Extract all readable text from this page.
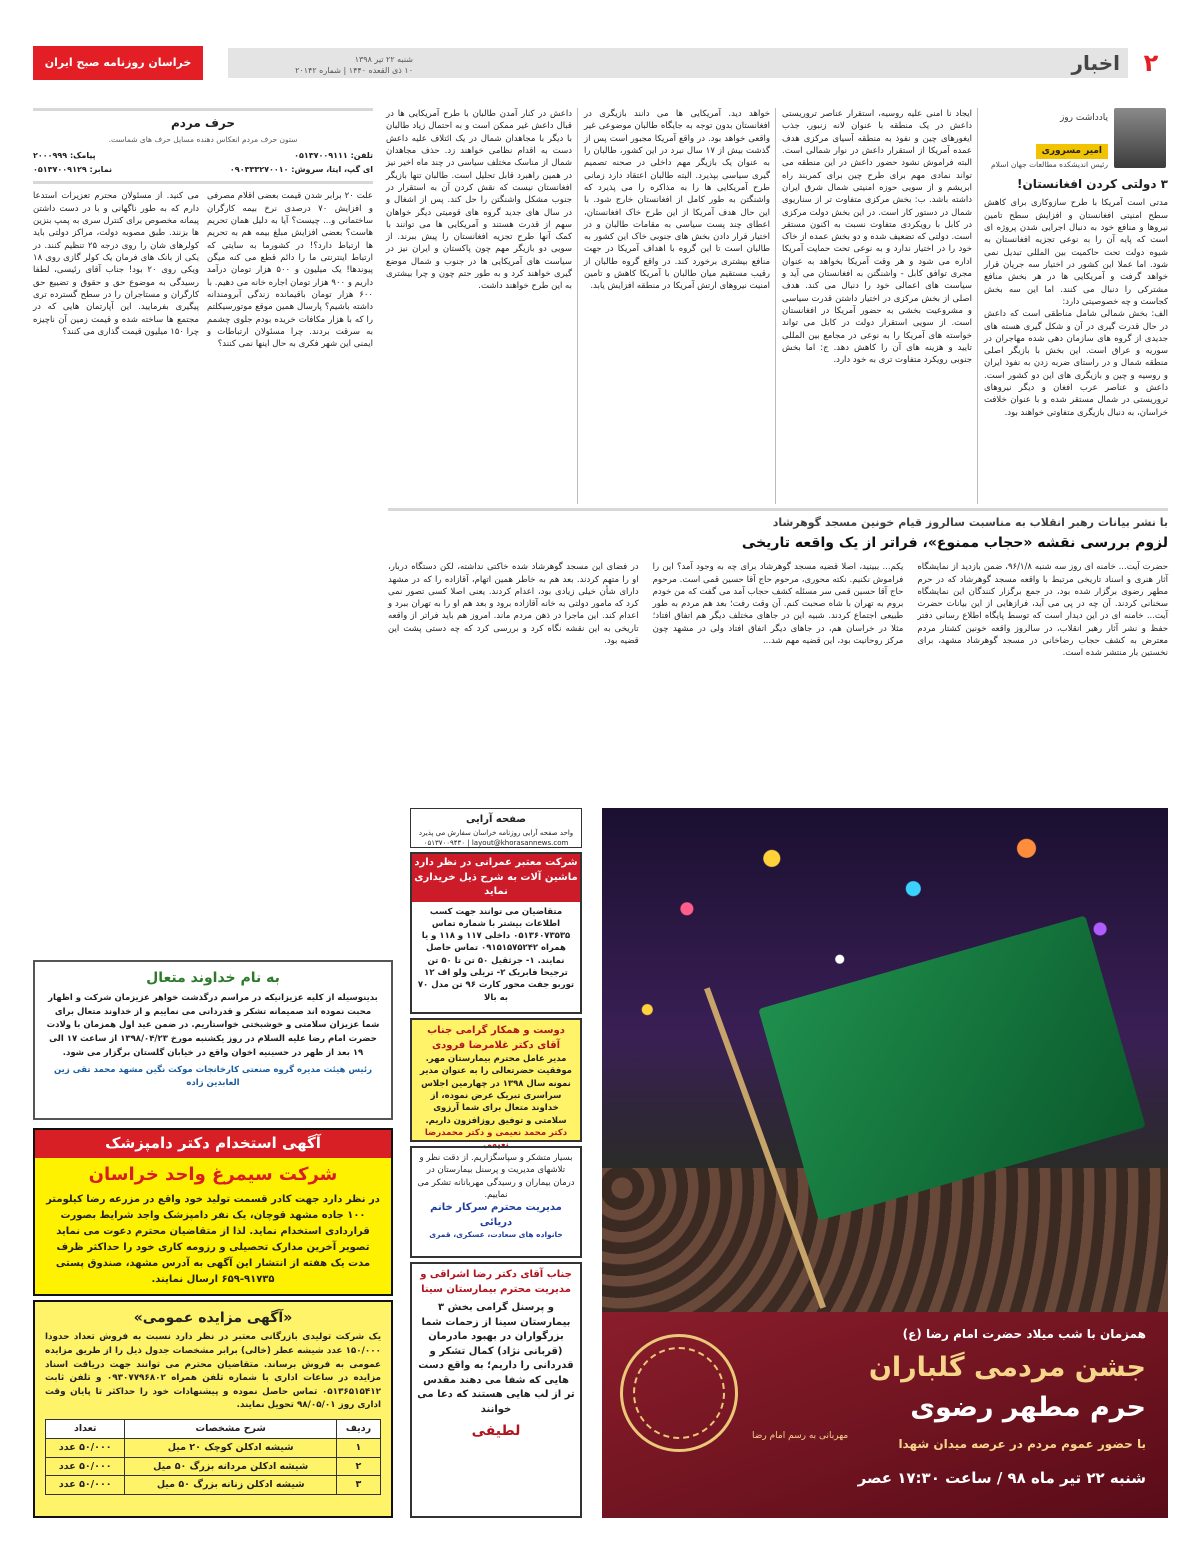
۲
اخبار
شنبه ۲۲ تیر ۱۳۹۸
۱۰ ذی القعده ۱۴۴۰ | شماره ۲۰۱۴۲
خراسان روزنامه صبح ایران
یادداشت روز
امیر مسروری
رئیس اندیشکده مطالعات جهان اسلام
۳ دولتی کردن افغانستان!

مدتی است آمریکا با طرح سازوکاری برای کاهش سطح امنیتی افغانستان و افزایش سطح تامین نیروها و منافع خود به دنبال اجرایی شدن پروژه ای است که پایه آن را به نوعی تجزیه افغانستان به شیوه دولت تحت حاکمیت بین المللی تبدیل نمی شود. اما عملا این کشور در اختیار سه جریان قرار خواهد گرفت و آمریکایی ها در هر بخش منافع مشترکی را دنبال می کنند. اما این سه بخش کجاست و چه خصوصیتی دارد:

الف: بخش شمالی شامل مناطقی است که داعش در حال قدرت گیری در آن و شکل گیری هسته های جدیدی از گروه های سازمان دهی شده مهاجران در سوریه و عراق است. این بخش با بازیگر اصلی منطقه شمال و در راستای ضربه زدن به نفوذ ایران و روسیه و چین و بازیگری های این دو کشور است. داعش و عناصر عرب افغان و دیگر نیروهای تروریستی در شمال مستقر شده و با عنوان خلافت خراسان، به دنبال بازیگری متفاوتی خواهند بود.

ایجاد نا امنی علیه روسیه، استقرار عناصر تروریستی داعش در یک منطقه با عنوان لانه زنبور، جذب ایغورهای چین و نفوذ به منطقه آسیای مرکزی هدف عمده آمریکا از استقرار داعش در نوار شمالی است. البته فراموش نشود حضور داعش در این منطقه می تواند نمادی مهم برای طرح چین برای کمربند راه ابریشم و از سویی حوزه امنیتی شمال شرق ایران داشته باشد. ب: بخش مرکزی متفاوت تر از سناریوی شمال در دستور کار است. در این بخش دولت مرکزی در کابل با رویکردی متفاوت نسبت به اکنون مستقر است. دولتی که تضعیف شده و دو بخش عمده از خاک خود را در اختیار ندارد و به نوعی تحت حمایت آمریکا اداره می شود و هر وقت آمریکا بخواهد به عنوان مجری توافق کابل - واشنگتن به افغانستان می آید و سیاست های اعمالی خود را دنبال می کند. هدف اصلی از بخش مرکزی در اختیار داشتن قدرت سیاسی و مشروعیت بخشی به حضور آمریکا در افغانستان است. از سویی استقرار دولت در کابل می تواند خواسته های آمریکا را به نوعی در مجامع بین المللی تایید و هزینه های آن را کاهش دهد. ج: اما بخش جنوبی رویکرد متفاوت تری به خود دارد.

خواهد دید. آمریکایی ها می دانند بازیگری در افغانستان بدون توجه به جایگاه طالبان موضوعی غیر واقعی خواهد بود. در واقع آمریکا مجبور است پس از گذشت بیش از ۱۷ سال نبرد در این کشور، طالبان را به عنوان یک بازیگر مهم داخلی در صحنه تصمیم گیری سیاسی بپذیرد. البته طالبان اعتقاد دارد زمانی طرح آمریکایی ها را به مذاکره را می پذیرد که واشنگتن به طور کامل از افغانستان خارج شود. با این حال هدف آمریکا از این طرح خاک افغانستان، اعطای چند پست سیاسی به مقامات طالبان و در اختیار قرار دادن بخش های جنوبی خاک این کشور به طالبان است تا این گروه با اهداف آمریکا در جهت منافع بیشتری برخورد کند. در واقع گروه طالبان از رقیب مستقیم میان طالبان با آمریکا کاهش و تامین امنیت نیروهای ارتش آمریکا در منطقه افزایش یابد.

داعش در کنار آمدن طالبان با طرح آمریکایی ها در قبال داعش غیر ممکن است و به احتمال زیاد طالبان با دیگر با مجاهدان شمال در یک ائتلاف علیه داعش دست به اقدام نظامی خواهند زد. حذف مجاهدان شمال از مناسک مختلف سیاسی در چند ماه اخیر نیز در همین راهبرد قابل تحلیل است. طالبان تنها بازیگر افغانستان نیست که نقش کردن آن به استقرار در جنوب مشکل واشنگتن را حل کند. پس از اشغال و در سال های جدید گروه های قومیتی دیگر خواهان سهم از قدرت هستند و آمریکایی ها می توانند با کمک آنها طرح تجزیه افغانستان را پیش ببرند. از سویی دو بازیگر مهم چون پاکستان و ایران نیز در سیاست های آمریکایی ها در جنوب و شمال موضع گیری خواهند کرد و به طور حتم چون و چرا بیشتری به این طرح خواهند داشت.

حرف مردم
ستون حرف مردم انعکاس دهنده مسایل حرف های شماست.
تلفن: ۰۵۱۳۷۰۰۹۱۱۱
پیامک: ۲۰۰۰۹۹۹
ای گپ، ایتا، سروش: ۰۹۰۳۳۳۲۷۰۰۱۰
نمابر: ۰۵۱۳۷۰۰۹۱۲۹
علت ۲۰ برابر شدن قیمت بعضی اقلام مصرفی و افزایش ۷۰ درصدی نرخ بیمه کارگران ساختمانی و... چیست؟ آیا به دلیل همان تحریم هاست؟ بعضی افزایش مبلغ بیمه هم به تحریم ها ارتباط دارد؟! در کشورما به سایتی که ارتباط اینترنتی ما را دائم قطع می کنه میگن پیوندها! یک میلیون و ۵۰۰ هزار تومان درآمد داریم و ۹۰۰ هزار تومان اجاره خانه می دهیم. با ۶۰۰ هزار تومان باقیمانده زندگی آبرومندانه داشته باشیم؟ پارسال همین موقع موتورسیکلتم را که با هزار مکافات خریده بودم جلوی چشمم به سرقت بردند. چرا مسئولان ارتباطات و ایمنی این شهر فکری به حال اینها نمی کنند؟
می کنید. از مسئولان محترم تعزیرات استدعا دارم که به طور ناگهانی و با در دست داشتن پیمانه مخصوص برای کنترل سری به پمپ بنزین ها بزنند. طبق مصوبه دولت، مراکز دولتی باید کولرهای شان را روی درجه ۲۵ تنظیم کنند. در یکی از بانک های فرمان یک کولر گازی روی ۱۸ ویکی روی ۲۰ بود! جناب آقای رئیسی، لطفا رسیدگی به موضوع حق و حقوق و تضییع حق کارگران و مستاجران را در سطح گسترده تری پیگیری بفرمایید. این آپارتمان هایی که در مجتمع ها ساخته شده و قیمت زمین آن ناچیزه چرا ۱۵۰ میلیون قیمت گذاری می کنند؟
با نشر بیانات رهبر انقلاب به مناسبت سالروز قیام خونین مسجد گوهرشاد
لزوم بررسی نقشه «حجاب ممنوع»، فراتر از یک واقعه تاریخی
حضرت آیت... خامنه ای روز سه شنبه ۹۶/۱/۸، ضمن بازدید از نمایشگاه آثار هنری و اسناد تاریخی مرتبط با واقعه مسجد گوهرشاد که در حرم مطهر رضوی برگزار شده بود، در جمع برگزار کنندگان این نمایشگاه سخنانی کردند. آن چه در پی می آید، فرازهایی از این بیانات حضرت آیت... خامنه ای در این دیدار است که توسط پایگاه اطلاع رسانی دفتر حفظ و نشر آثار رهبر انقلاب، در سالروز واقعه خونین کشتار مردم معترض به کشف حجاب رضاخانی در مسجد گوهرشاد مشهد، برای نخستین بار منتشر شده است.
یکم... ببینید، اصلا قضیه مسجد گوهرشاد برای چه به وجود آمد؟ این را فراموش نکنیم. نکته محوری، مرحوم حاج آقا حسین قمی است. مرحوم حاج آقا حسین قمی سر مسئله کشف حجاب آمد می گفت که من خودم بروم به تهران با شاه صحبت کنم. آن وقت رفت؛ بعد هم مردم به طور طبیعی اجتماع کردند. شبیه این در جاهای مختلف دیگر هم اتفاق افتاد؛ مثلا در خراسان هم، در جاهای دیگر اتفاق افتاد ولی در مشهد چون مرکز روحانیت بود، این قضیه مهم شد...
در فضای این مسجد گوهرشاد شده خاکتی نداشته، لکن دستگاه دربار، او را متهم کردند. بعد هم به خاطر همین اتهام، آقازاده را که در مشهد دارای شأن خیلی زیادی بود، اعدام کردند. یعنی اصلا کسی تصور نمی کرد که مامور دولتی به خانه آقازاده برود و بعد هم او را به تهران ببرد و اعدام کند. این ماجرا در ذهن مردم ماند. امروز هم باید فراتر از واقعه تاریخی به این نقشه نگاه کرد و بررسی کرد که چه دستی پشت این قضیه بود.
همزمان با شب میلاد حضرت امام رضا (ع)
جشن مردمی گلباران
حرم مطهر رضوی
مهربانی به رسم امام رضا
با حضور عموم مردم در عرصه میدان شهدا
شنبه ۲۲ تیر ماه ۹۸ / ساعت ۱۷:۳۰ عصر
صفحه آرایی
واحد صفحه آرایی روزنامه خراسان سفارش می پذیرد
۰۵۱۳۷۰۰۹۴۳۰ | layout@khorasannews.com
شرکت معتبر عمرانی در نظر دارد ماشین آلات به شرح ذیل خریداری نماید
متقاضیان می توانند جهت کسب اطلاعات بیشتر با شماره تماس ۰۵۱۳۶۰۷۳۵۳۵ داخلی ۱۱۷ و ۱۱۸ و یا همراه ۰۹۱۵۱۵۷۵۲۴۲ تماس حاصل نمایند. ۱- جرثقیل ۵۰ تن تا ۵۰ تن ترجیحا فابریک ۲- تریلی ولو اف ۱۲ توربو جفت محور کارت ۹۶ تن مدل ۷۰ به بالا
دوست و همکار گرامی جناب آقای دکتر غلامرضا فرودی
مدیر عامل محترم بیمارستان مهر. موفقیت حضرتعالی را به عنوان مدیر نمونه سال ۱۳۹۸ در چهارمین اجلاس سراسری تبریک عرض نموده، از خداوند متعال برای شما آرزوی سلامتی و توفیق روزافزون داریم.
دکتر محمد نعیمی و دکتر محمدرضا نعیمی
بسیار متشکر و سپاسگزاریم. از دقت نظر و تلاشهای مدیریت و پرسنل بیمارستان در درمان بیماران و رسیدگی مهربانانه تشکر می نماییم.
مدیریت محترم سرکار خانم دریائی
خانواده های سعادت، عسکری، قمری
جناب آقای دکتر رضا اشراقی و مدیریت محترم بیمارستان سینا
و پرسنل گرامی بخش ۳ بیمارستان سینا از زحمات شما بزرگواران در بهبود مادرمان (قربانی نژاد) کمال تشکر و قدردانی را داریم؛ به واقع دست هایی که شفا می دهند مقدس تر از لب هایی هستند که دعا می خوانند
لطیفی
به نام خداوند متعال
بدینوسیله از کلیه عزیزانیکه در مراسم درگذشت خواهر عزیزمان شرکت و اظهار محبت نموده اند صمیمانه تشکر و قدردانی می نماییم و از خداوند متعال برای شما عزیزان سلامتی و خوشبختی خواستاریم. در ضمن عید اول همزمان با ولادت حضرت امام رضا علیه السلام در روز یکشنبه مورخ ۱۳۹۸/۰۴/۲۳ از ساعت ۱۷ الی ۱۹ بعد از ظهر در حسینیه اخوان واقع در خیابان گلستان برگزار می شود.
رئیس هیئت مدیره گروه صنعتی کارخانجات موکت نگین مشهد محمد تقی زین العابدین زاده
آگهی استخدام دکتر دامپزشک
شرکت سیمرغ واحد خراسان
در نظر دارد جهت کادر قسمت تولید خود واقع در مزرعه رضا کیلومتر ۱۰۰ جاده مشهد قوچان، یک نفر دامپزشک واجد شرایط بصورت قراردادی استخدام نماید. لذا از متقاضیان محترم دعوت می نماید تصویر آخرین مدارک تحصیلی و رزومه کاری خود را حداکثر ظرف مدت یک هفته از انتشار این آگهی به آدرس مشهد، صندوق پستی ۹۱۷۳۵-۶۵۹ ارسال نمایند.
«آگهی مزایده عمومی»
یک شرکت تولیدی بازرگانی معتبر در نظر دارد نسبت به فروش تعداد حدودا ۱۵۰/۰۰۰ عدد شیشه عطر (خالی) برابر مشخصات جدول ذیل را از طریق مزایده عمومی به فروش برساند. متقاضیان محترم می توانند جهت دریافت اسناد مزایده در ساعات اداری با شماره تلفن همراه ۰۹۳۰۷۷۹۶۸۰۲ و تلفن ثابت ۰۵۱۳۶۵۱۵۴۱۲ تماس حاصل نموده و پیشنهادات خود را حداکثر تا پایان وقت اداری روز ۹۸/۰۵/۰۱ تحویل نمایند.
ردیف	شرح مشخصات	تعداد
۱	شیشه ادکلن کوچک ۲۰ میل	۵۰/۰۰۰ عدد
۲	شیشه ادکلن مردانه بزرگ ۵۰ میل	۵۰/۰۰۰ عدد
۳	شیشه ادکلن زنانه بزرگ ۵۰ میل	۵۰/۰۰۰ عدد
